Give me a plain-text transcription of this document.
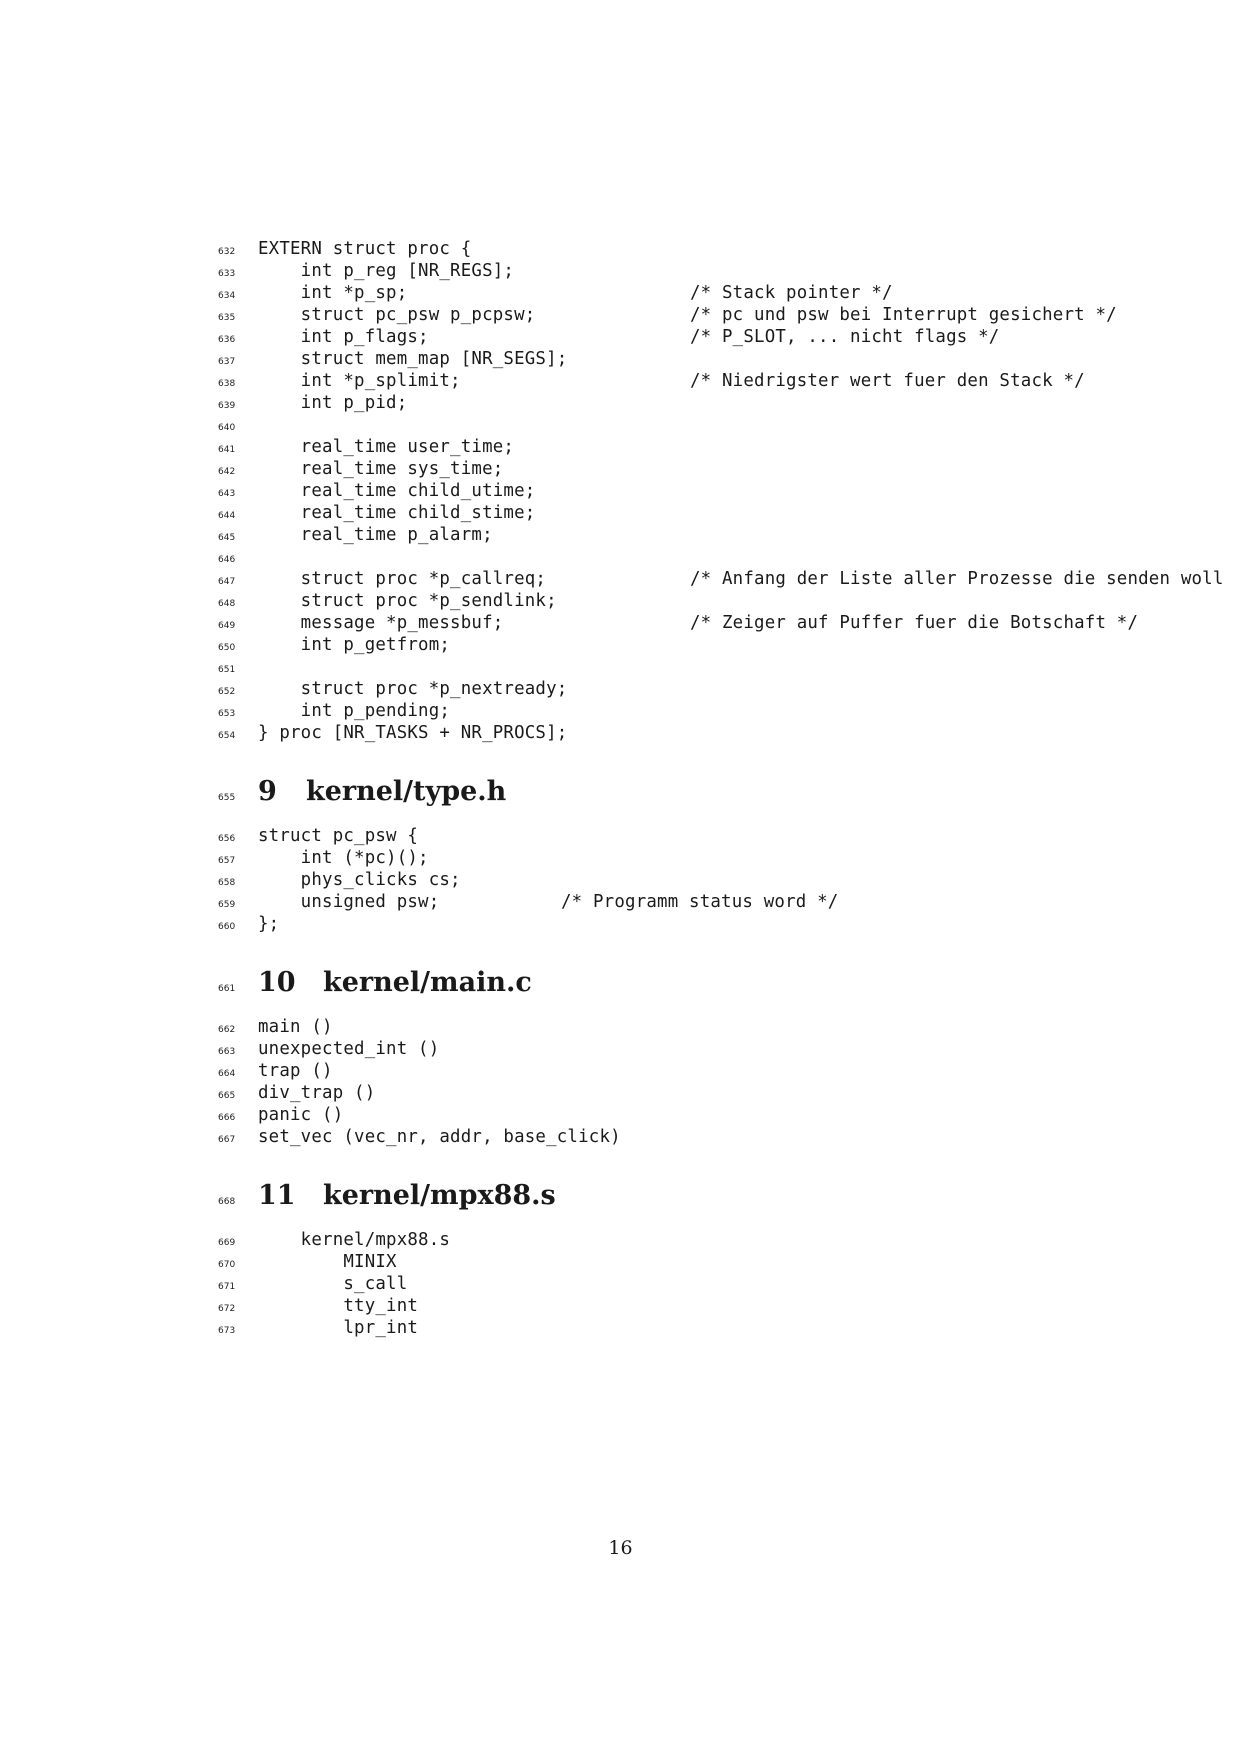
632 EXTERN struct proc {
633 int p_reg [NR_REGS];
634 int *p_sp;	/* Stack pointer */
635 struct pc_psw p_pcpsw;	/* pc und psw bei Interrupt gesichert */
636 int p_flags;	/* P_SLOT, ... nicht flags */
637 struct mem_map [NR_SEGS];
638 int *p_splimit;	/* Niedrigster wert fuer den Stack */
639 int p_pid;
640
641 real_time user_time;
642 real_time sys_time;
643 real_time child_utime;
644 real_time child_stime;
645 real_time p_alarm;
646
647 struct proc *p_callreq;	/* Anfang der Liste aller Prozesse die senden woll
648 struct proc *p_sendlink;
649 message *p_messbuf;	/* Zeiger auf Puffer fuer die Botschaft */
650 int p_getfrom;
651
652 struct proc *p_nextready;
653 int p_pending;
654 } proc [NR_TASKS + NR_PROCS];
655 9 kernel/type.h
656 struct pc_psw {
657 int (*pc)();
658 phys_clicks cs;
659 unsigned psw;	/* Programm status word */
660 };
661 10 kernel/main.c
662 main ()
663 unexpected_int ()
664 trap ()
665 div_trap ()
666 panic ()
667 set_vec (vec_nr, addr, base_click)
668 11 kernel/mpx88.s
669 kernel/mpx88.s
670 MINIX
671 s_call
672 tty_int
673 lpr_int
16
